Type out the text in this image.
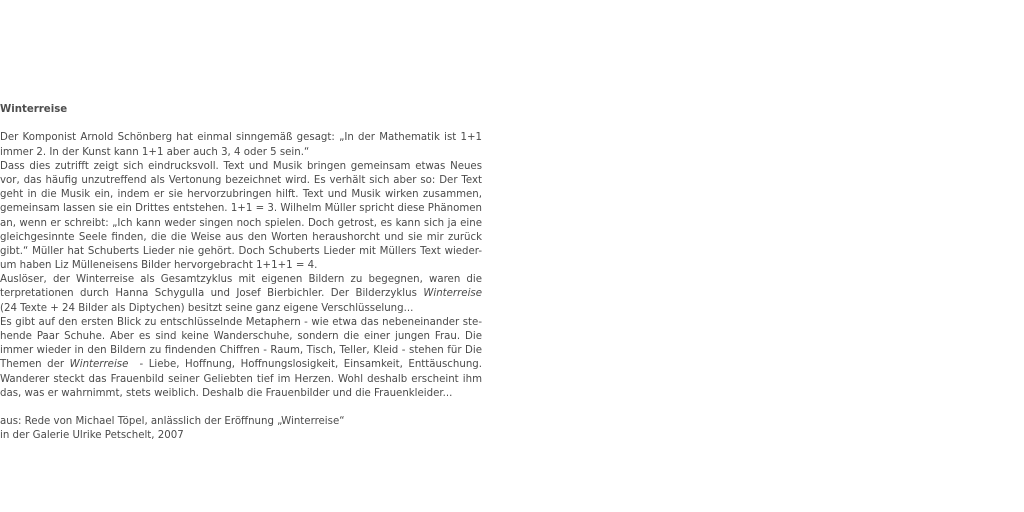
Winterreise
Der Komponist Arnold Schönberg hat einmal sinngemäß gesagt: „In der Mathematik ist 1+1
immer 2. In der Kunst kann 1+1 aber auch 3, 4 oder 5 sein.“
Dass dies zutrifft zeigt sich eindrucksvoll. Text und Musik bringen gemeinsam etwas Neues
vor, das häufig unzutreffend als Vertonung bezeichnet wird. Es verhält sich aber so: Der Text
geht in die Musik ein, indem er sie hervorzubringen hilft. Text und Musik wirken zusammen,
gemeinsam lassen sie ein Drittes entstehen. 1+1 = 3. Wilhelm Müller spricht diese Phänomen
an, wenn er schreibt: „Ich kann weder singen noch spielen. Doch getrost, es kann sich ja eine
gleichgesinnte Seele finden, die die Weise aus den Worten heraushorcht und sie mir zurück
gibt.“ Müller hat Schuberts Lieder nie gehört. Doch Schuberts Lieder mit Müllers Text wieder-
um haben Liz Mülleneisens Bilder hervorgebracht 1+1+1 = 4.
Auslöser, der Winterreise als Gesamtzyklus mit eigenen Bildern zu begegnen, waren die
terpretationen durch Hanna Schygulla und Josef Bierbichler. Der Bilderzyklus Winterreise
(24 Texte + 24 Bilder als Diptychen) besitzt seine ganz eigene Verschlüsselung...
Es gibt auf den ersten Blick zu entschlüsselnde Metaphern - wie etwa das nebeneinander ste-
hende Paar Schuhe. Aber es sind keine Wanderschuhe, sondern die einer jungen Frau. Die
immer wieder in den Bildern zu findenden Chiffren - Raum, Tisch, Teller, Kleid - stehen für Die
Themen der Winterreise - Liebe, Hoffnung, Hoffnungslosigkeit, Einsamkeit, Enttäuschung.
Wanderer steckt das Frauenbild seiner Geliebten tief im Herzen. Wohl deshalb erscheint ihm
das, was er wahrnimmt, stets weiblich. Deshalb die Frauenbilder und die Frauenkleider...
aus: Rede von Michael Töpel, anlässlich der Eröffnung „Winterreise“
in der Galerie Ulrike Petschelt, 2007
